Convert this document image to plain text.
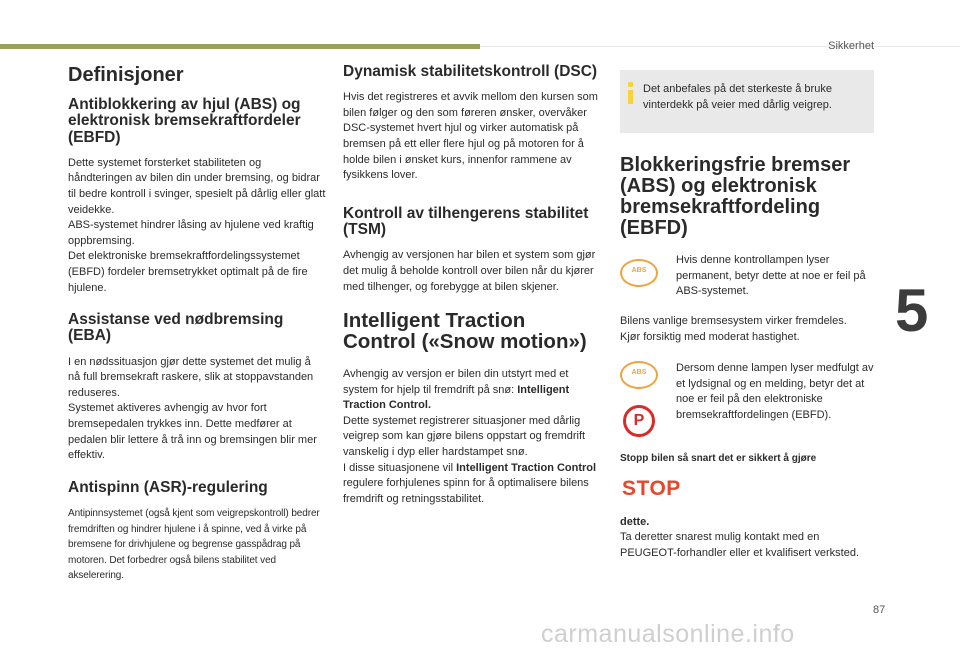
Sikkerhet
5
87
carmanualsonline.info
Definisjoner
Antiblokkering av hjul (ABS) og elektronisk bremsekraftfordeler (EBFD)

Dette systemet forsterket stabiliteten og håndteringen av bilen din under bremsing, og bidrar til bedre kontroll i svinger, spesielt på dårlig eller glatt veidekke.
ABS-systemet hindrer låsing av hjulene ved kraftig oppbremsing.
Det elektroniske bremsekraftfordelingssystemet (EBFD) fordeler bremsetrykket optimalt på de fire hjulene.

Assistanse ved nødbremsing (EBA)

I en nødssituasjon gjør dette systemet det mulig å nå full bremsekraft raskere, slik at stoppavstanden reduseres.
Systemet aktiveres avhengig av hvor fort bremsepedalen trykkes inn. Dette medfører at pedalen blir lettere å trå inn og bremsingen blir mer effektiv.

Antispinn (ASR)-regulering

Antipinnsystemet (også kjent som veigrepskontroll) bedrer fremdriften og hindrer hjulene i å spinne, ved å virke på bremsene for drivhjulene og begrense gasspådrag på motoren. Det forbedrer også bilens stabilitet ved akselerering.

Dynamisk stabilitetskontroll (DSC)

Hvis det registreres et avvik mellom den kursen som bilen følger og den som føreren ønsker, overvåker DSC-systemet hvert hjul og virker automatisk på bremsen på ett eller flere hjul og på motoren for å holde bilen i ønsket kurs, innenfor rammene av fysikkens lover.

Kontroll av tilhengerens stabilitet (TSM)

Avhengig av versjonen har bilen et system som gjør det mulig å beholde kontroll over bilen når du kjører med tilhenger, og forebygge at bilen skjener.

Intelligent Traction Control («Snow motion»)

Avhengig av versjon er bilen din utstyrt med et system for hjelp til fremdrift på snø: Intelligent Traction Control.
Dette systemet registrerer situasjoner med dårlig veigrep som kan gjøre bilens oppstart og fremdrift vanskelig i dyp eller hardstampet snø.
I disse situasjonene vil Intelligent Traction Control regulere forhjulenes spinn for å optimalisere bilens fremdrift og retningsstabilitet.

Det anbefales på det sterkeste å bruke vinterdekk på veier med dårlig veigrep.

Blokkeringsfrie bremser (ABS) og elektronisk bremsekraftfordeling (EBFD)
ABS

Hvis denne kontrollampen lyser permanent, betyr dette at noe er feil på ABS-systemet.

Bilens vanlige bremsesystem virker fremdeles.
Kjør forsiktig med moderat hastighet.

ABS
P

Dersom denne lampen lyser medfulgt av et lydsignal og en melding, betyr det at noe er feil på den elektroniske bremsekraftfordelingen (EBFD).

Stopp bilen så snart det er sikkert å gjøre

STOP

dette.

Ta deretter snarest mulig kontakt med en PEUGEOT-forhandler eller et kvalifisert verksted.
